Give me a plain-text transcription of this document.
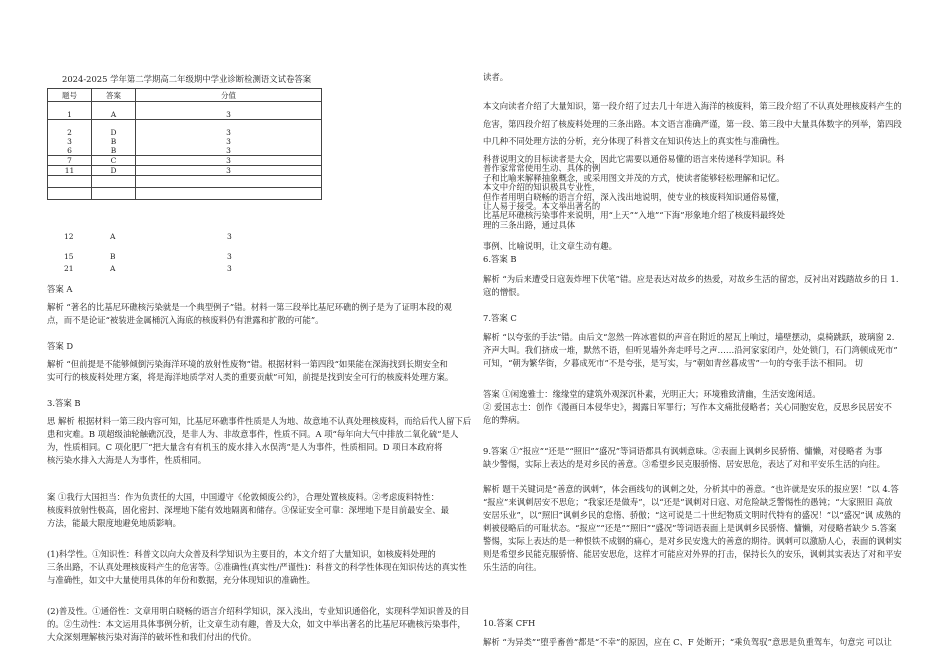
2024-2025 学年第二学期高二年级期中学业诊断检测语文试卷答案
题号	答案	分值

1	A	3

2	D	3
3	B	3
6	B	3
7	C	3
11	D	3

12	A	3
15	B	3
21	A	3
答案 A
解析 “著名的比基尼环礁核污染就是一个典型例子”错。材料一第三段举比基尼环礁的例子是为了证明本段的观
点，而不是论证“被装进金属桶沉入海底的核废料仍有泄露和扩散的可能”。
答案 D
解析 “但前提是不能够倾倒污染海洋环境的放射性废物”错。根据材料一第四段“如果能在深海找到长期安全和
实可行的核废料处理方案，将是海洋地质学对人类的重要贡献”可知，前提是找到安全可行的核废料处理方案。
3.答案 B
思 解析 根据材料一第三段内容可知，比基尼环礁事件性质是人为地、故意地不认真处理核废料，而给后代人留下后
患和灾难。B 项超级油轮触礁沉没，是非人为、非故意事件，性质不同。A 项“每年向大气中排放二氧化硫”是人
为，性质相同。C 项化肥厂“把大量含有有机玉的废水排入水俣湾”是人为事件，性质相同。D 项日本政府将
核污染水排入大海是人为事件，性质相同。
案 ①我行大国担当：作为负责任的大国，中国遵守《伦敦倾废公约》，合理处置核废料。②考虑废料特性：
核废料放射性极高，固化密封、深埋地下能有效地隔离和储存。③保证安全可靠：深埋地下是目前最安全、最
方法，能最大限度地避免地质影响。
(1)科学性。①知识性：科普文以向大众普及科学知识为主要目的，本文介绍了大量知识，如核废料处理的
三条出路，不认真处理核废料产生的危害等。②准确性(真实性/严谨性)：科普文的科学性体现在知识传达的真实性
与准确性，如文中大量使用具体的年份和数据，充分体现知识的准确性。
(2)普及性。①通俗性：文章用明白晓畅的语言介绍科学知识，深入浅出，专业知识通俗化，实现科学知识普及的目
的。②生动性：本文运用具体事例分析，让文章生动有趣，普及大众，如文中举出著名的比基尼环礁核污染事件，
大众深刻理解核污染对海洋的破坏性和我们付出的代价。
读者。
本文向读者介绍了大量知识，第一段介绍了过去几十年进入海洋的核废料，第三段介绍了不认真处理核废料产生的
危害，第四段介绍了核废料处理的三条出路。本文语言准确严谨，第一段、第三段中大量具体数字的列举，第四段
中几种不同处理方法的分析，充分体现了科普文在知识传达上的真实性与准确性。
科普说明文的目标读者是大众，因此它需要以通俗易懂的语言来传递科学知识。科
普作家常常使用生动、具体的例
子和比喻来解释抽象概念，或采用图文并茂的方式，使读者能够轻松理解和记忆。
本文中介绍的知识极具专业性，
但作者用明白晓畅的语言介绍，深入浅出地说明，使专业的核废料知识通俗易懂，
让人易于接受。本文举出著名的
比基尼环礁核污染事件来说明，用“上天”“入地”“下海”形象地介绍了核废料最终处
理的三条出路，通过具体
事例、比喻说明，让文章生动有趣。
6.答案 B
解析 “为后来遭受日寇轰炸埋下伏笔”错。应是表达对故乡的热爱，对故乡生活的留恋，反衬出对践踏故乡的日 1.
寇的憎恨。
7.答案 C
解析 “以夸张的手法”错。由后文“忽然一阵冰雹似的声音在附近的屋瓦上响过，墙壁摆动，桌椅跳跃，玻璃窗 2.
齐声大叫。我们挤成一堆，默然不语，但听见墙外奔走呼号之声……沿河家家闭户，处处锁门，石门湾顿成死市”
可知，“朝为繁华街，夕暮成死市”不是夸张，是写实，与“朝如青丝暮成雪”一句的夸张手法不相同。 切
答案 ①闲逸雅士：缘缘堂的建筑外观深沉朴素，光明正大；环境雅致清幽，生活安逸闲适。
② 爱国志士：创作《漫画日本侵华史》，揭露日军罪行；写作本文痛批侵略者；关心同胞安危，反思乡民居安不
危的弊病。
9.答案 ①“报应”“还是”“照旧”“盛况”等词语都具有讽刺意味。②表面上讽刺乡民骄惰、慵懒，对侵略者 为事
缺少警惕，实际上表达的是对乡民的善意。③希望乡民克服骄惰、居安思危，表达了对和平安乐生活的向往。
解析 题干关键词是“善意的讽刺”，体会画线句的讽刺之处，分析其中的善意。“也许就是安乐的报应罢！”以 4.答
“报应”来讽刺居安不思危；“我家还是做寿”，以“还是”讽刺对日寇、对危险缺乏警惕性的愚钝；“大家照旧 高放
安居乐业”，以“照旧”讽刺乡民的怠惰、骄傲；“这可说是二十世纪物质文明时代特有的盛况！”以“盛况”讽 成熟的
刺被侵略后的可耻状态。“报应”“还是”“照旧”“盛况”等词语表面上是讽刺乡民骄惰、慵懒，对侵略者缺少 5.答案
警惕，实际上表达的是一种恨铁不成钢的痛心，是对乡民安逸大的善意的期待。讽刺可以激励人心，表面的讽刺实
则是希望乡民能克服骄惰、能居安思危，这样才可能应对外界的打击，保持长久的安乐，讽刺其实表达了对和平安
乐生活的向往。
10.答案 CFH
解析 “为异类”“堕乎畜兽”都是“不幸”的原因，应在 C、F 处断开；“乘负驾驭”意思是负重驾车，句意完 可以让
